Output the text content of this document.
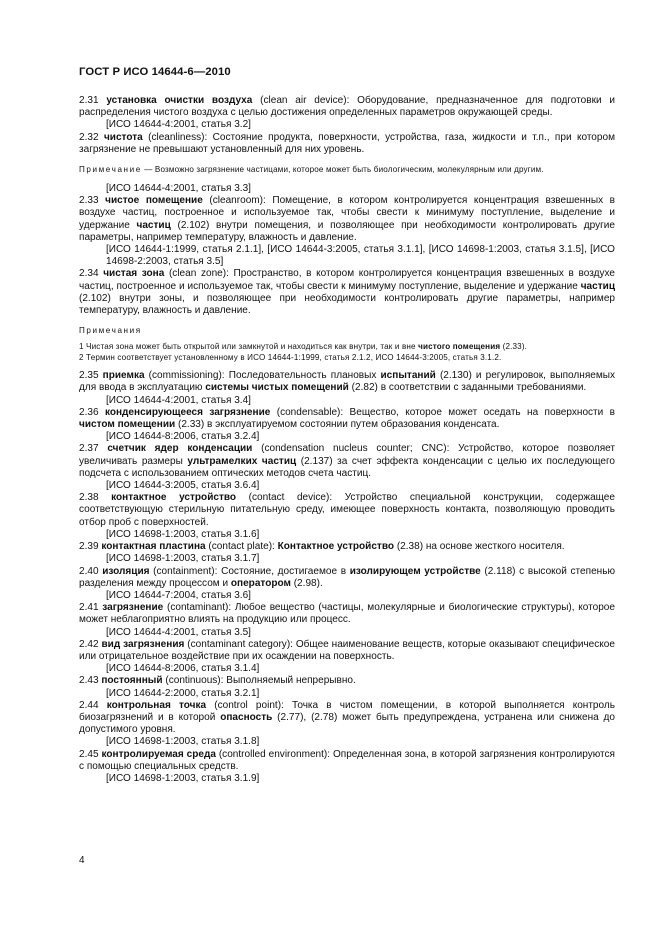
ГОСТ Р ИСО 14644-6—2010

2.31 установка очистки воздуха (clean air device): Оборудование, предназначенное для подготовки и распределения чистого воздуха с целью достижения определенных параметров окружающей среды.

[ИСО 14644-4:2001, статья 3.2]

2.32 чистота (cleanliness): Состояние продукта, поверхности, устройства, газа, жидкости и т.п., при котором загрязнение не превышают установленный для них уровень.

Примечание — Возможно загрязнение частицами, которое может быть биологическим, молекулярным или другим.

[ИСО 14644-4:2001, статья 3.3]

2.33 чистое помещение (cleanroom): Помещение, в котором контролируется концентрация взвешенных в воздухе частиц, построенное и используемое так, чтобы свести к минимуму поступление, выделение и удержание частиц (2.102) внутри помещения, и позволяющее при необходимости контролировать другие параметры, например температуру, влажность и давление.

[ИСО 14644-1:1999, статья 2.1.1], [ИСО 14644-3:2005, статья 3.1.1], [ИСО 14698-1:2003, статья 3.1.5], [ИСО 14698-2:2003, статья 3.5]

2.34 чистая зона (clean zone): Пространство, в котором контролируется концентрация взвешенных в воздухе частиц, построенное и используемое так, чтобы свести к минимуму поступление, выделение и удержание частиц (2.102) внутри зоны, и позволяющее при необходимости контролировать другие параметры, например температуру, влажность и давление.

Примечания

1 Чистая зона может быть открытой или замкнутой и находиться как внутри, так и вне чистого помещения (2.33).

2 Термин соответствует установленному в ИСО 14644-1:1999, статья 2.1.2, ИСО 14644-3:2005, статья 3.1.2.

2.35 приемка (commissioning): Последовательность плановых испытаний (2.130) и регулировок, выполняемых для ввода в эксплуатацию системы чистых помещений (2.82) в соответствии с заданными требованиями.

[ИСО 14644-4:2001, статья 3.4]

2.36 конденсирующееся загрязнение (condensable): Вещество, которое может оседать на поверхности в чистом помещении (2.33) в эксплуатируемом состоянии путем образования конденсата.

[ИСО 14644-8:2006, статья 3.2.4]

2.37 счетчик ядер конденсации (condensation nucleus counter; CNC): Устройство, которое позволяет увеличивать размеры ультрамелких частиц (2.137) за счет эффекта конденсации с целью их последующего подсчета с использованием оптических методов счета частиц.

[ИСО 14644-3:2005, статья 3.6.4]

2.38 контактное устройство (contact device): Устройство специальной конструкции, содержащее соответствующую стерильную питательную среду, имеющее поверхность контакта, позволяющую проводить отбор проб с поверхностей.

[ИСО 14698-1:2003, статья 3.1.6]

2.39 контактная пластина (contact plate): Контактное устройство (2.38) на основе жесткого носителя.

[ИСО 14698-1:2003, статья 3.1.7]

2.40 изоляция (containment): Состояние, достигаемое в изолирующем устройстве (2.118) с высокой степенью разделения между процессом и оператором (2.98).

[ИСО 14644-7:2004, статья 3.6]

2.41 загрязнение (contaminant): Любое вещество (частицы, молекулярные и биологические структуры), которое может неблагоприятно влиять на продукцию или процесс.

[ИСО 14644-4:2001, статья 3.5]

2.42 вид загрязнения (contaminant category): Общее наименование веществ, которые оказывают специфическое или отрицательное воздействие при их осаждении на поверхность.

[ИСО 14644-8:2006, статья 3.1.4]

2.43 постоянный (continuous): Выполняемый непрерывно.

[ИСО 14644-2:2000, статья 3.2.1]

2.44 контрольная точка (control point): Точка в чистом помещении, в которой выполняется контроль биозагрязнений и в которой опасность (2.77), (2.78) может быть предупреждена, устранена или снижена до допустимого уровня.

[ИСО 14698-1:2003, статья 3.1.8]

2.45 контролируемая среда (controlled environment): Определенная зона, в которой загрязнения контролируются с помощью специальных средств.

[ИСО 14698-1:2003, статья 3.1.9]

4
